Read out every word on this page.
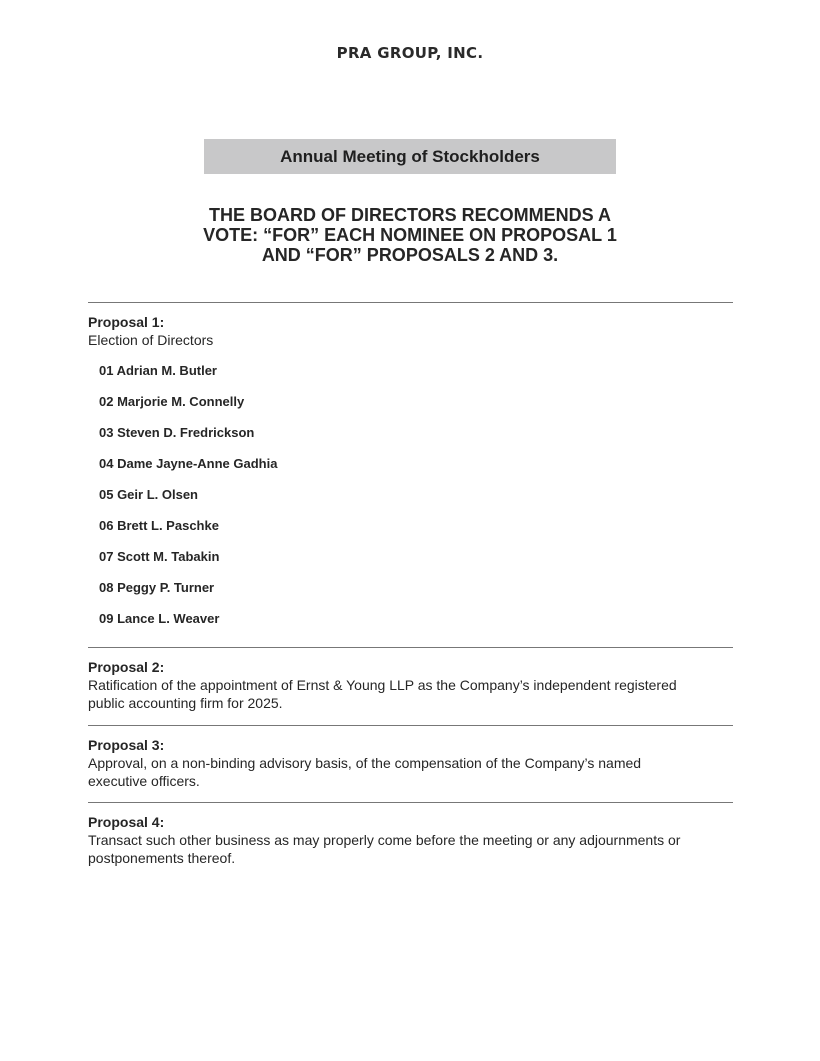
PRA GROUP, INC.
Annual Meeting of Stockholders
THE BOARD OF DIRECTORS RECOMMENDS A
VOTE: “FOR” EACH NOMINEE ON PROPOSAL 1
AND “FOR” PROPOSALS 2 AND 3.
Proposal 1:
Election of Directors
01 Adrian M. Butler
02 Marjorie M. Connelly
03 Steven D. Fredrickson
04 Dame Jayne-Anne Gadhia
05 Geir L. Olsen
06 Brett L. Paschke
07 Scott M. Tabakin
08 Peggy P. Turner
09 Lance L. Weaver
Proposal 2:
Ratification of the appointment of Ernst & Young LLP as the Company’s independent registered
public accounting firm for 2025.
Proposal 3:
Approval, on a non-binding advisory basis, of the compensation of the Company’s named
executive officers.
Proposal 4:
Transact such other business as may properly come before the meeting or any adjournments or
postponements thereof.
